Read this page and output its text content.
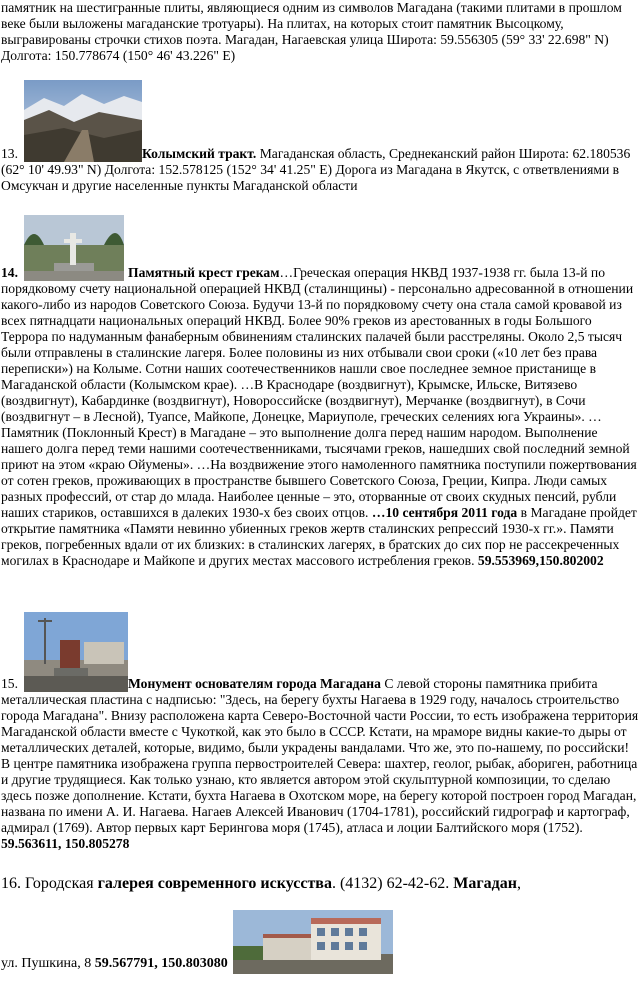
памятник на шестигранные плиты, являющиеся одним из символов Магадана (такими плитами в прошлом веке были выложены магаданские тротуары). На плитах, на которых стоит памятник Высоцкому, выгравированы строчки стихов поэта. Магадан, Нагаевская улица Широта: 59.556305 (59° 33' 22.698" N) Долгота: 150.778674 (150° 46' 43.226" E)

13.	Колымский тракт. Магаданская область, Среднеканский район Широта: 62.180536 (62° 10' 49.93" N) Долгота: 152.578125 (152° 34' 41.25" E) Дорога из Магадана в Якутск, с ответвлениями в Омсукчан и другие населенные пункты Магаданской области

14.	Памятный крест грекам…Греческая операция НКВД 1937-1938 гг. была 13-й по порядковому счету национальной операцией НКВД (сталинщины) - персонально адресованной в отношении какого-либо из народов Советского Союза. Будучи 13-й по порядковому счету она стала самой кровавой из всех пятнадцати национальных операций НКВД. Более 90% греков из арестованных в годы Большого Террора по надуманным фанаберным обвинениям сталинских палачей были расстреляны. Около 2,5 тысяч были отправлены в сталинские лагеря. Более половины из них отбывали свои сроки («10 лет без права переписки») на Колыме. Сотни наших соотечественников нашли свое последнее земное пристанище в Магаданской области (Колымском крае). …В Краснодаре (воздвигнут), Крымске, Ильске, Витязево (воздвигнут), Кабардинке (воздвигнут), Новороссийске (воздвигнут), Мерчанке (воздвигнут), в Сочи (воздвигнут – в Лесной), Туапсе, Майкопе, Донецке, Мариуполе, греческих селениях юга Украины». …Памятник (Поклонный Крест) в Магадане – это выполнение долга перед нашим народом. Выполнение нашего долга перед теми нашими соотечественниками, тысячами греков, нашедших свой последний земной приют на этом «краю Ойумены». …На воздвижение этого намоленного памятника поступили пожертвования от сотен греков, проживающих в пространстве бывшего Советского Союза, Греции, Кипра. Люди самых разных профессий, от стар до млада. Наиболее ценные – это, оторванные от своих скудных пенсий, рубли наших стариков, оставшихся в далеких 1930-х без своих отцов. …10 сентября 2011 года в Магадане пройдет открытие памятника «Памяти невинно убиенных греков жертв сталинских репрессий 1930-х гг.». Памяти греков, погребенных вдали от их близких: в сталинских лагерях, в братских до сих пор не рассекреченных могилах в Краснодаре и Майкопе и других местах массового истребления греков. 59.553969,150.802002

15.	Монумент основателям города Магадана С левой стороны памятника прибита металлическая пластина с надписью: "Здесь, на берегу бухты Нагаева в 1929 году, началось строительство города Магадана". Внизу расположена карта Северо-Восточной части России, то есть изображена территория Магаданской области вместе с Чукоткой, как это было в СССР. Кстати, на мраморе видны какие-то дыры от металлических деталей, которые, видимо, были украдены вандалами. Что же, это по-нашему, по российски! В центре памятника изображена группа первостроителей Севера: шахтер, геолог, рыбак, абориген, работница и другие трудящиеся. Как только узнаю, кто является автором этой скульптурной композиции, то сделаю здесь позже дополнение. Кстати, бухта Нагаева в Охотском море, на берегу которой построен город Магадан, названа по имени А. И. Нагаева. Нагаев Алексей Иванович (1704-1781), российский гидрограф и картограф, адмирал (1769). Автор первых карт Берингова моря (1745), атласа и лоции Балтийского моря (1752). 59.563611, 150.805278

16. Городская галерея современного искусства. (4132) 62-42-62. Магадан,

ул. Пушкина, 8 59.567791, 150.803080
